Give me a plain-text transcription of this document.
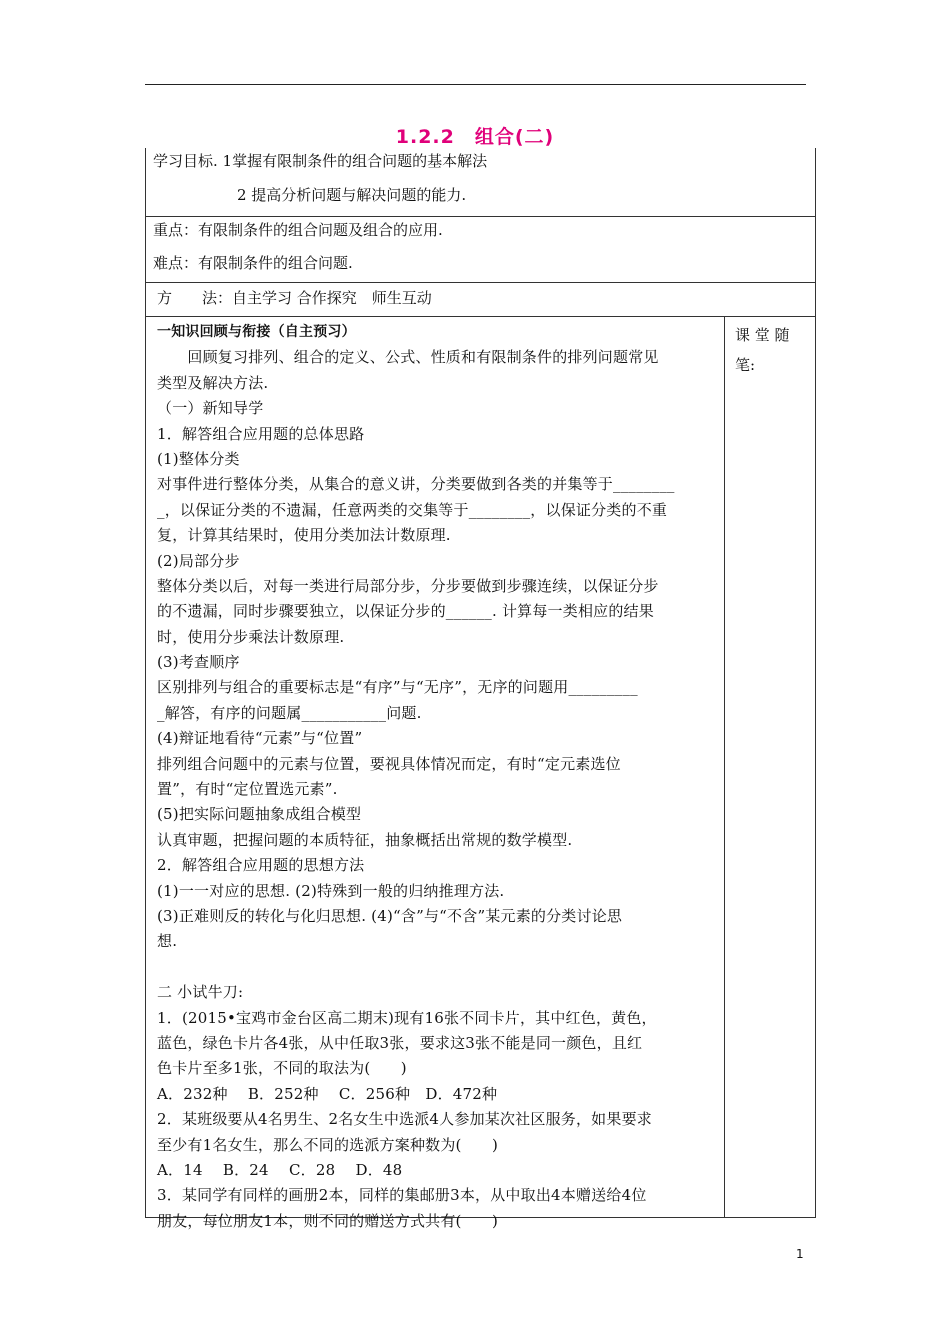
1.2.2　组合(二)
学习目标. 1掌握有限制条件的组合问题的基本解法
2 提高分析问题与解决问题的能力.
重点：有限制条件的组合问题及组合的应用.
难点：有限制条件的组合问题.
方　　法：自主学习 合作探究　师生互动
课 堂 随
笔:
一知识回顾与衔接（自主预习）
　　回顾复习排列、组合的定义、公式、性质和有限制条件的排列问题常见
类型及解决方法.
（一）新知导学
1．解答组合应用题的总体思路
(1)整体分类
对事件进行整体分类，从集合的意义讲，分类要做到各类的并集等于________
_，以保证分类的不遗漏，任意两类的交集等于________，以保证分类的不重
复，计算其结果时，使用分类加法计数原理.
(2)局部分步
整体分类以后，对每一类进行局部分步，分步要做到步骤连续，以保证分步
的不遗漏，同时步骤要独立，以保证分步的______. 计算每一类相应的结果
时，使用分步乘法计数原理.
(3)考查顺序
区别排列与组合的重要标志是“有序”与“无序”，无序的问题用_________
_解答，有序的问题属___________问题.
(4)辩证地看待“元素”与“位置”
排列组合问题中的元素与位置，要视具体情况而定，有时“定元素选位
置”，有时“定位置选元素”.
(5)把实际问题抽象成组合模型
认真审题，把握问题的本质特征，抽象概括出常规的数学模型.
2．解答组合应用题的思想方法
(1)一一对应的思想. (2)特殊到一般的归纳推理方法.
(3)正难则反的转化与化归思想. (4)“含”与“不含”某元素的分类讨论思
想.
二 小试牛刀:
1．(2015•宝鸡市金台区高二期末)现有16张不同卡片，其中红色，黄色，
蓝色，绿色卡片各4张，从中任取3张，要求这3张不能是同一颜色，且红
色卡片至多1张，不同的取法为(　　)
A．232种　 B．252种　 C．256种　D．472种
2．某班级要从4名男生、2名女生中选派4人参加某次社区服务，如果要求
至少有1名女生，那么不同的选派方案种数为(　　)
A．14　 B．24　 C．28　 D．48
3．某同学有同样的画册2本，同样的集邮册3本，从中取出4本赠送给4位
朋友，每位朋友1本，则不同的赠送方式共有(　　)
1
